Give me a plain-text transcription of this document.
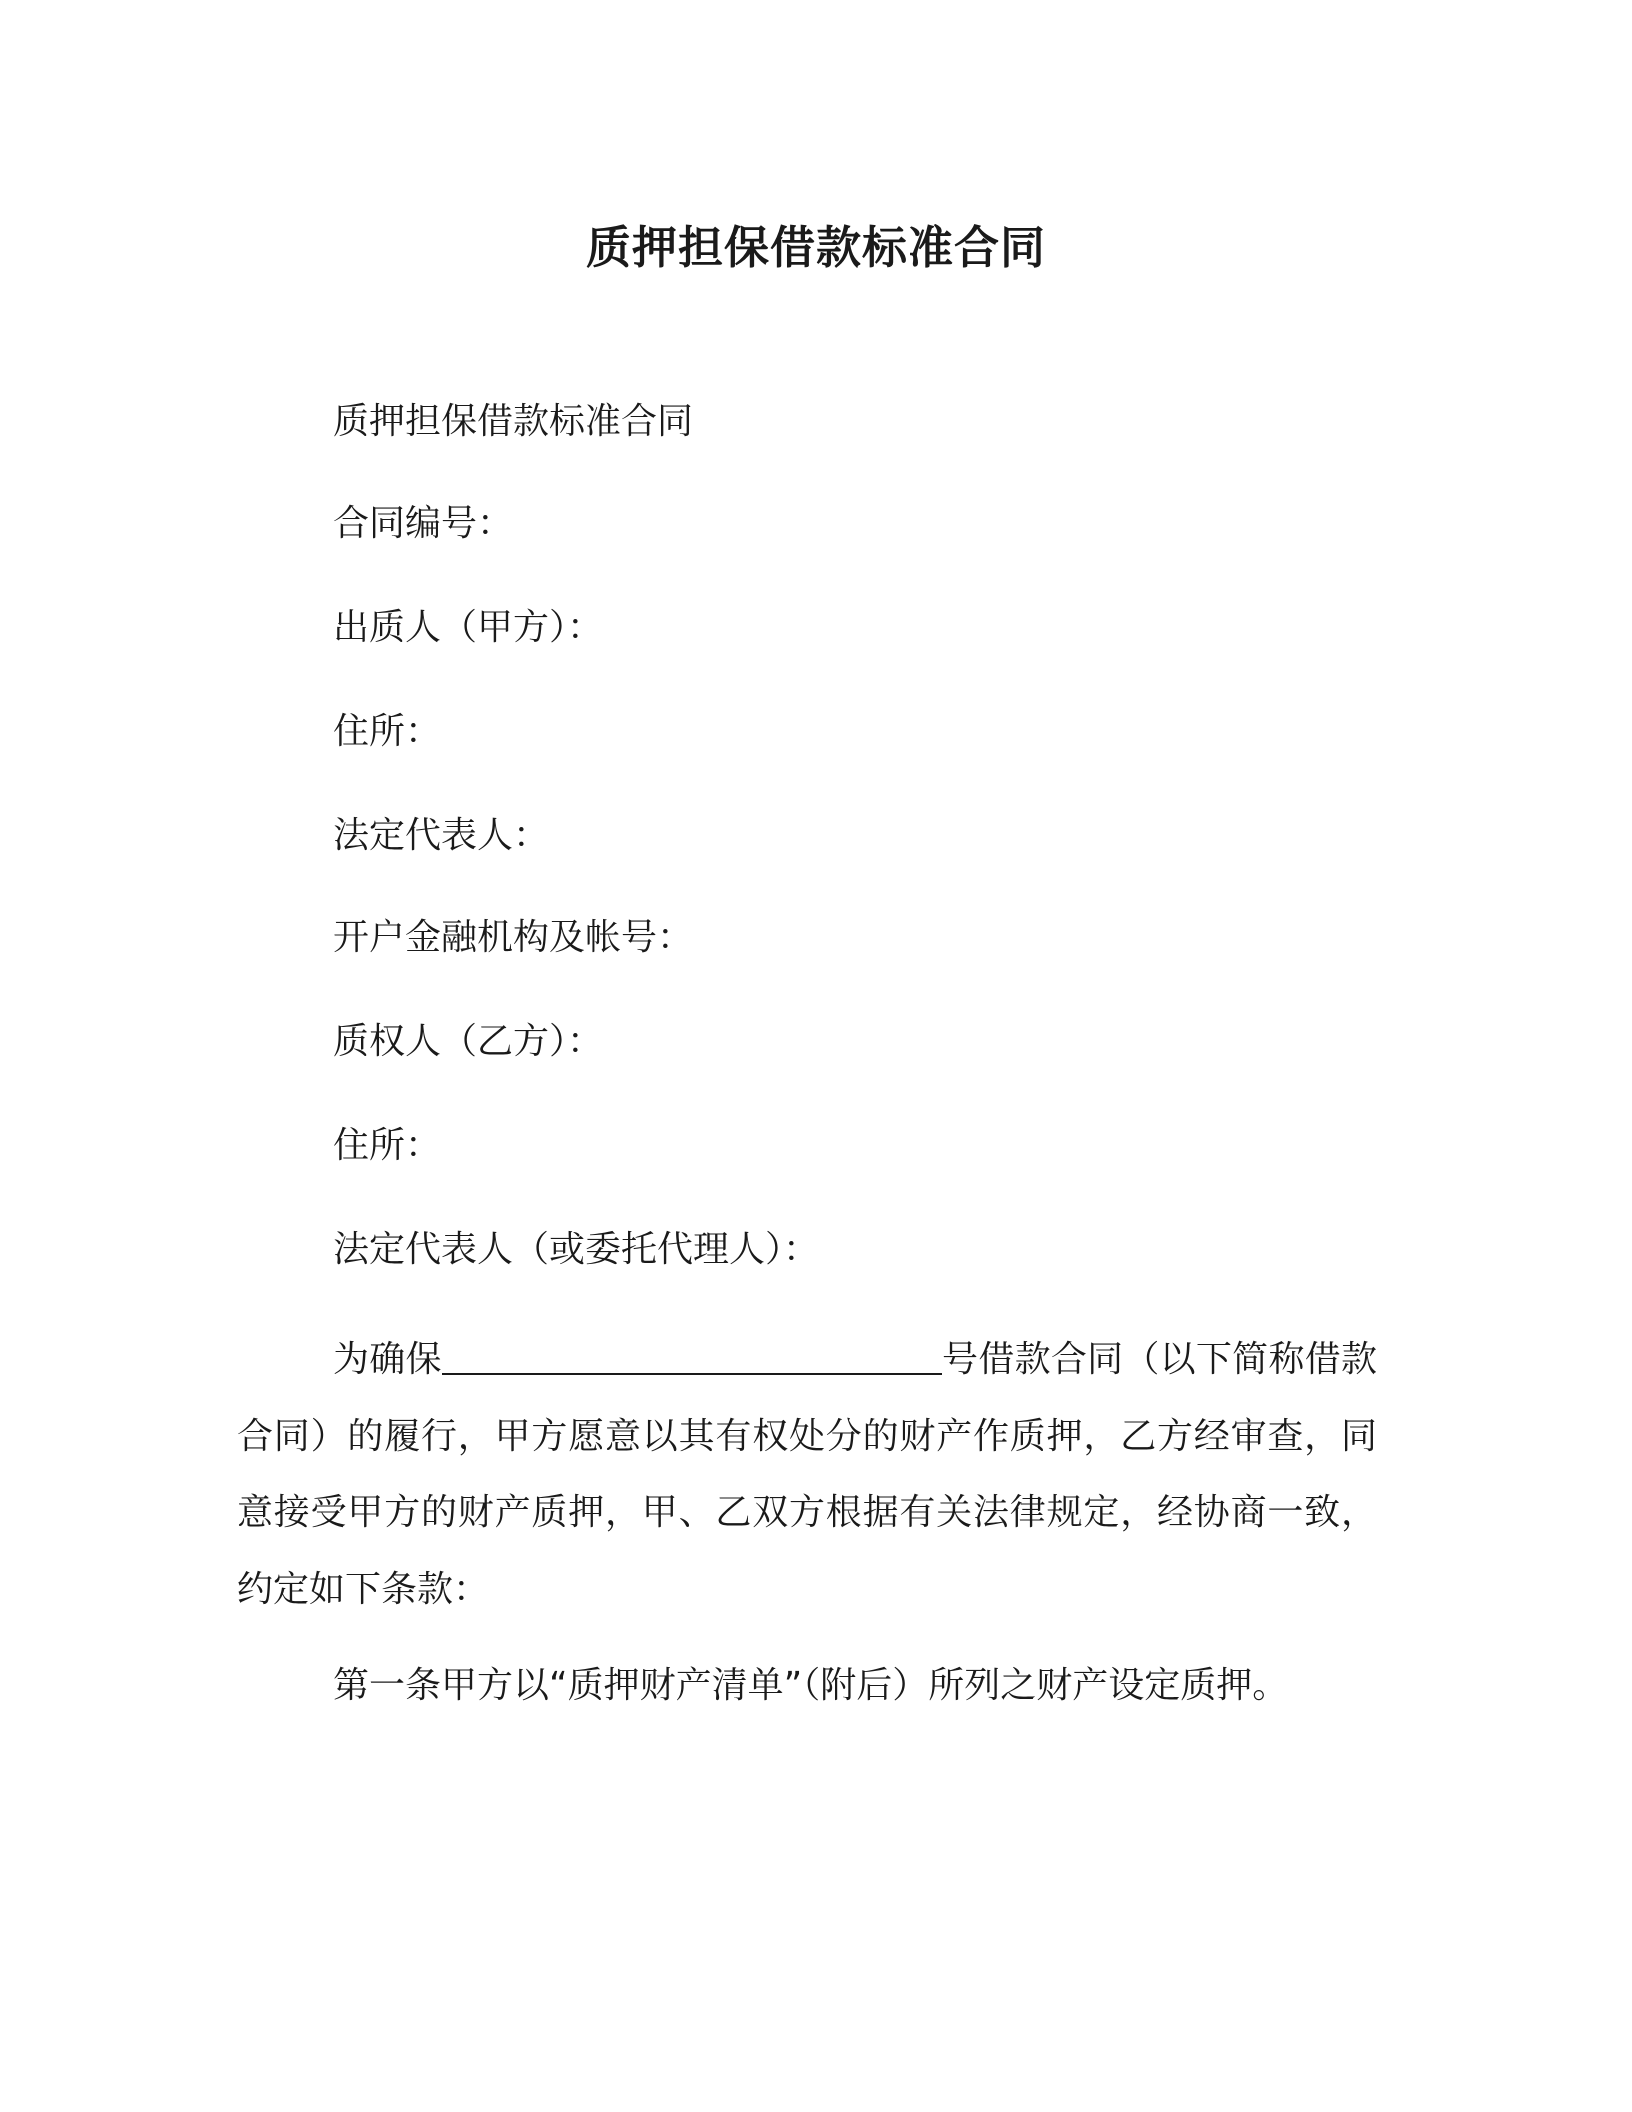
质押担保借款标准合同
质押担保借款标准合同
合同编号：
出质人（甲方）：
住所：
法定代表人：
开户金融机构及帐号：
质权人（乙方）：
住所：
法定代表人（或委托代理人）：

为确保	号借款合同（以下简称借款合同）的履行，甲方愿意以其有权处分的财产作质押，乙方经审查，同意接受甲方的财产质押，甲、乙双方根据有关法律规定，经协商一致，约定如下条款：

第一条甲方以“质押财产清单”（附后）所列之财产设定质押。
